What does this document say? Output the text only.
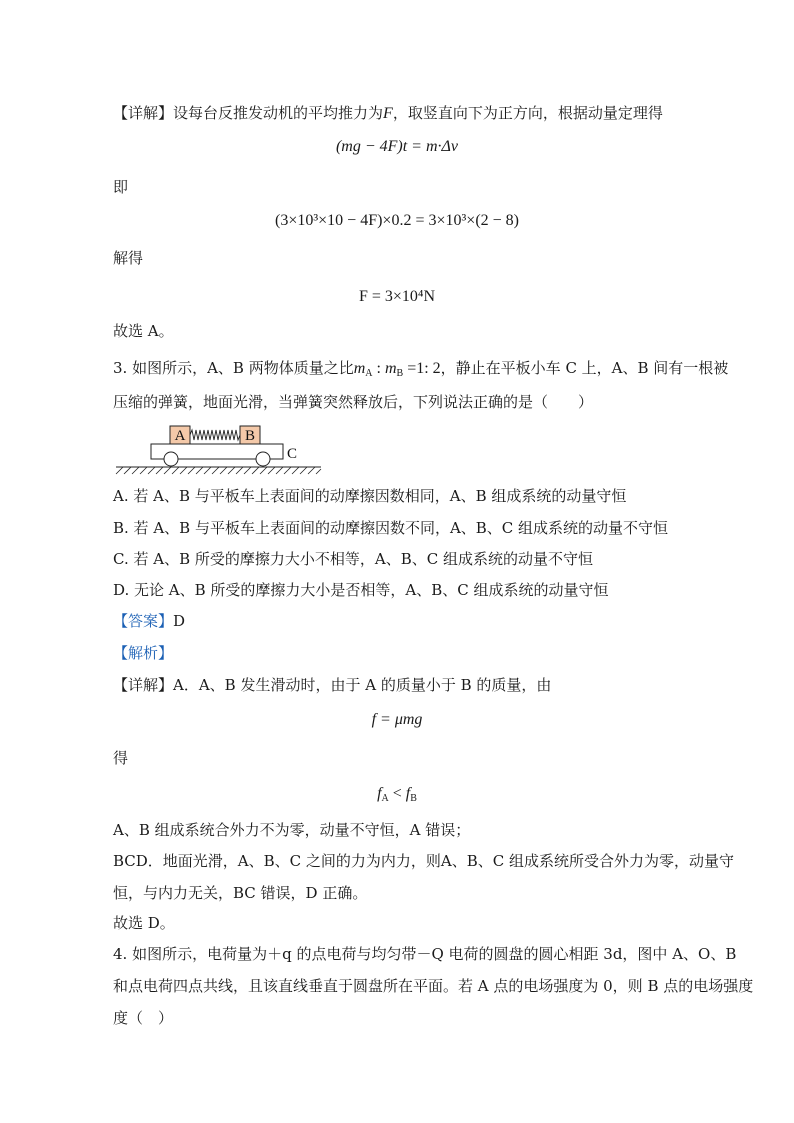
【详解】设每台反推发动机的平均推力为F，取竖直向下为正方向，根据动量定理得
(mg − 4F)t = m·Δv
即
(3×10³×10 − 4F)×0.2 = 3×10³×(2 − 8)
解得
F = 3×10⁴N
故选 A。
3. 如图所示，A、B 两物体质量之比$m_A$ : $m_B =1$: 2，静止在平板小车 C 上，A、B 间有一根被
压缩的弹簧，地面光滑，当弹簧突然释放后，下列说法正确的是（　　）
A	B
C
A. 若 A、B 与平板车上表面间的动摩擦因数相同，A、B 组成系统的动量守恒
B. 若 A、B 与平板车上表面间的动摩擦因数不同，A、B、C 组成系统的动量不守恒
C. 若 A、B 所受的摩擦力大小不相等，A、B、C 组成系统的动量不守恒
D. 无论 A、B 所受的摩擦力大小是否相等，A、B、C 组成系统的动量守恒
【答案】D
【解析】
【详解】A．A、B 发生滑动时，由于 A 的质量小于 B 的质量，由
f = μmg
得
$f_A < f_B$
A、B 组成系统合外力不为零，动量不守恒，A 错误；
BCD．地面光滑，A、B、C 之间的力为内力，则A、B、C 组成系统所受合外力为零，动量守
恒，与内力无关，BC 错误，D 正确。
故选 D。
4. 如图所示，电荷量为＋q 的点电荷与均匀带－Q 电荷的圆盘的圆心相距 3d，图中 A、O、B
和点电荷四点共线，且该直线垂直于圆盘所在平面。若 A 点的电场强度为 0，则 B 点的电场强度
度（　）
